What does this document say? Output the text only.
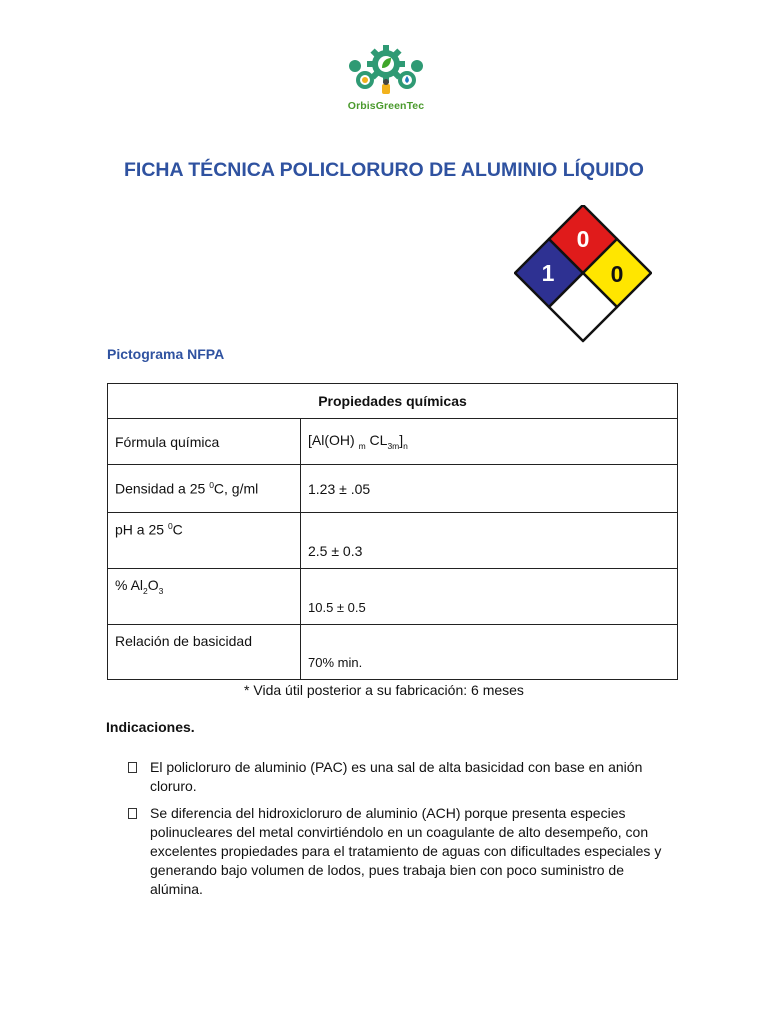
OrbisGreenTec
FICHA TÉCNICA POLICLORURO DE ALUMINIO LÍQUIDO
1
0
0
Pictograma NFPA
Propiedades químicas	
Fórmula química	[Al(OH) $_m$ $CL_{3m}]_n$
Densidad a 25 $^0$C, g/ml	1.23 ± .05
pH a 25 $^0$C	2.5 ± 0.3
% $Al_2O_3$	10.5 ± 0.5
Relación de basicidad	70% min.
* Vida útil posterior a su fabricación: 6 meses
Indicaciones.
El policloruro de aluminio (PAC) es una sal de alta basicidad con base en anión cloruro.
Se diferencia del hidroxicloruro de aluminio (ACH) porque presenta especies polinucleares del metal convirtiéndolo en un coagulante de alto desempeño, con excelentes propiedades para el tratamiento de aguas con dificultades especiales y generando bajo volumen de lodos, pues trabaja bien con poco suministro de alúmina.
